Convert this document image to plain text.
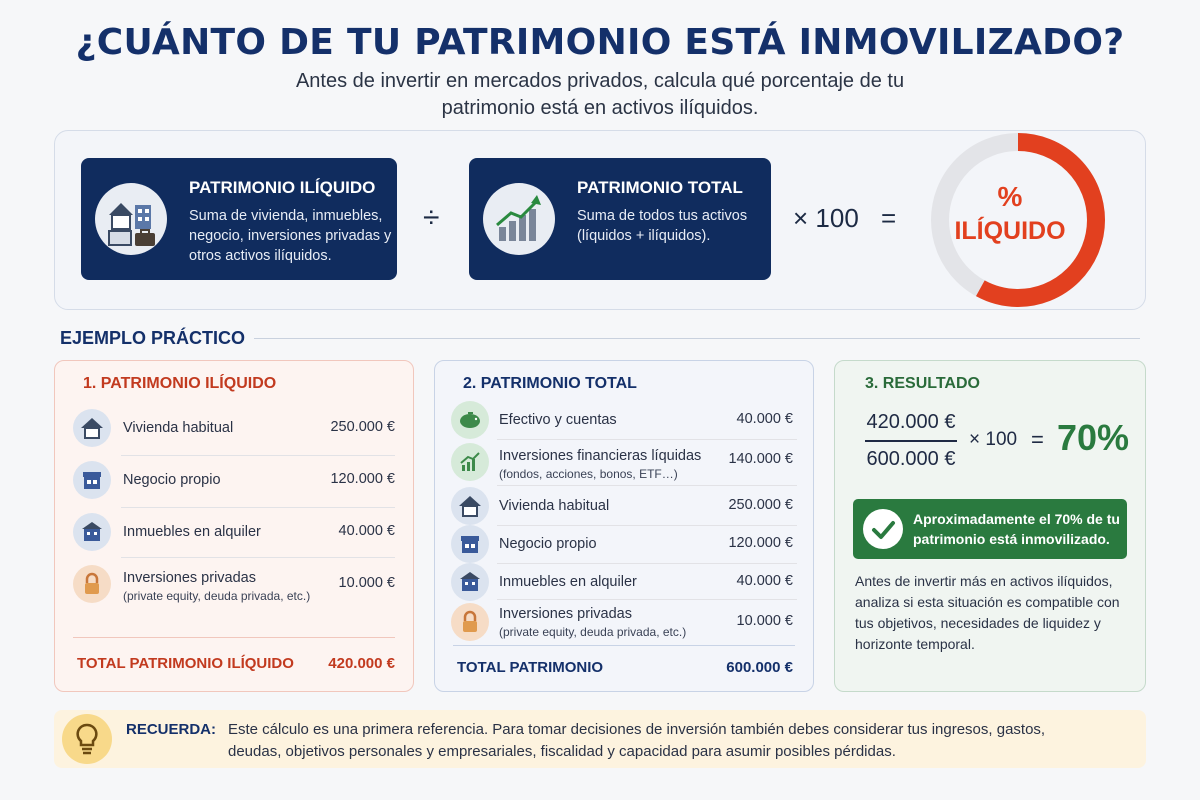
¿CUÁNTO DE TU PATRIMONIO ESTÁ INMOVILIZADO?
Antes de invertir en mercados privados, calcula qué porcentaje de tu patrimonio está en activos ilíquidos.
PATRIMONIO ILÍQUIDO
Suma de vivienda, inmuebles, negocio, inversiones privadas y otros activos ilíquidos.
÷
PATRIMONIO TOTAL
Suma de todos tus activos (líquidos + ilíquidos).
× 100 =
%
ILÍQUIDO
EJEMPLO PRÁCTICO
1. PATRIMONIO ILÍQUIDO
Vivienda habitual	250.000 €
Negocio propio	120.000 €
Inmuebles en alquiler	40.000 €
Inversiones privadas
(private equity, deuda privada, etc.)
10.000 €
TOTAL PATRIMONIO ILÍQUIDO 420.000 €
2. PATRIMONIO TOTAL
Efectivo y cuentas	40.000 €
Inversiones financieras líquidas
(fondos, acciones, bonos, ETF…)
140.000 €
Vivienda habitual	250.000 €
Negocio propio	120.000 €
Inmuebles en alquiler	40.000 €
Inversiones privadas
(private equity, deuda privada, etc.)
10.000 €
TOTAL PATRIMONIO	600.000 €
3. RESULTADO
420.000 €
600.000 €
× 100 = 70%
Aproximadamente el 70% de tu patrimonio está inmovilizado.
Antes de invertir más en activos ilíquidos, analiza si esta situación es compatible con tus objetivos, necesidades de liquidez y horizonte temporal.
RECUERDA: Este cálculo es una primera referencia. Para tomar decisiones de inversión también debes considerar tus ingresos, gastos, deudas, objetivos personales y empresariales, fiscalidad y capacidad para asumir posibles pérdidas.
